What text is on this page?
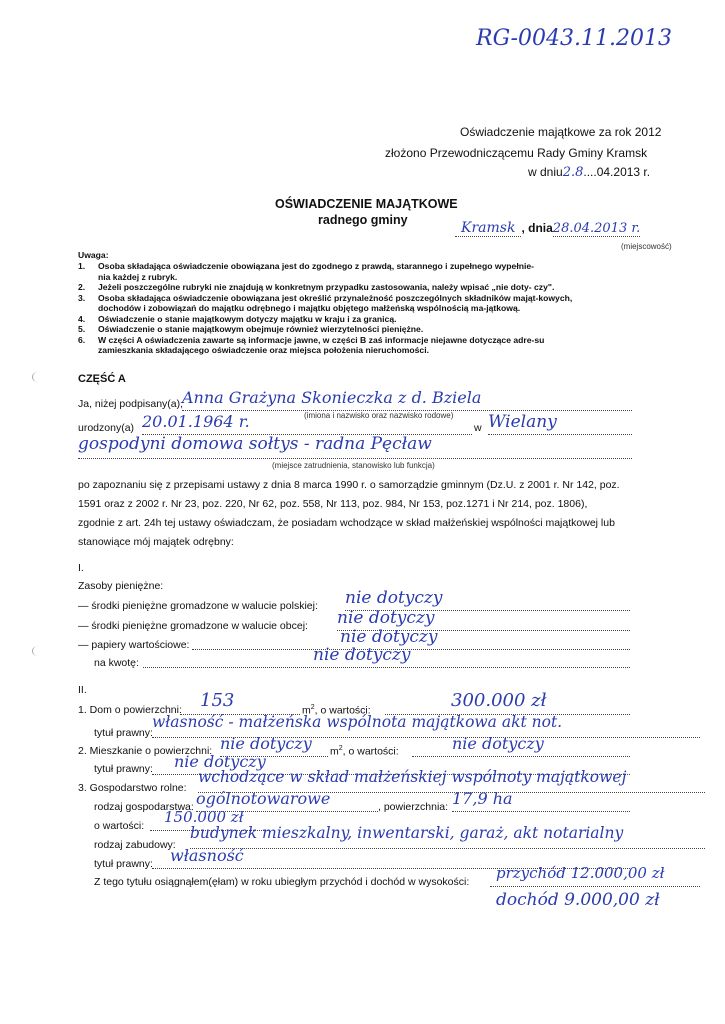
RG-0043.11.2013
Oświadczenie majątkowe za rok 2012
złożono Przewodniczącemu Rady Gminy Kramsk
w dniu2.8....04.2013 r.
OŚWIADCZENIE MAJĄTKOWE
radnego gminy	Kramsk , dnia28.04.2013 r.
(miejscowość)
Uwaga:
1.	Osoba składająca oświadczenie obowiązana jest do zgodnego z prawdą, starannego i zupełnego wypełnie-
nia każdej z rubryk.
2.	Jeżeli poszczególne rubryki nie znajdują w konkretnym przypadku zastosowania, należy wpisać „nie doty- czy".
3.	Osoba składająca oświadczenie obowiązana jest określić przynależność poszczególnych składników mająt-kowych,
dochodów i zobowiązań do majątku odrębnego i majątku objętego małżeńską wspólnością ma-jątkową.
4.	Oświadczenie o stanie majątkowym dotyczy majątku w kraju i za granicą.
5.	Oświadczenie o stanie majątkowym obejmuje również wierzytelności pieniężne.
6.	W części A oświadczenia zawarte są informacje jawne, w części B zaś informacje niejawne dotyczące adre-su
zamieszkania składającego oświadczenie oraz miejsca położenia nieruchomości.
CZĘŚĆ A
Ja, niżej podpisany(a),
Anna Grażyna Skonieczka z d. Bziela
(imiona i nazwisko oraz nazwisko rodowe)
urodzony(a) 20.01.1964 r.	w Wielany
gospodyni domowa sołtys - radna Pęcław
(miejsce zatrudnienia, stanowisko lub funkcja)
po zapoznaniu się z przepisami ustawy z dnia 8 marca 1990 r. o samorządzie gminnym (Dz.U. z 2001 r. Nr 142, poz.
1591 oraz z 2002 r. Nr 23, poz. 220, Nr 62, poz. 558, Nr 113, poz. 984, Nr 153, poz.1271 i Nr 214, poz. 1806),
zgodnie z art. 24h tej ustawy oświadczam, że posiadam wchodzące w skład małżeńskiej wspólności majątkowej lub
stanowiące mój majątek odrębny:
I.
Zasoby pieniężne:
— środki pieniężne gromadzone w walucie polskiej: nie dotyczy
— środki pieniężne gromadzone w walucie obcej: nie dotyczy
— papiery wartościowe:	nie dotyczy
na kwotę:	nie dotyczy
II.
1. Dom o powierzchni:	153	$m^2$, o wartości:	300.000 zł
tytuł prawny:
własność - małżeńska wspólnota majątkowa akt not.
2. Mieszkanie o powierzchni: nie dotyczy	$m^2$, o wartości:	nie dotyczy
tytuł prawny:	nie dotyczy
3. Gospodarstwo rolne:
wchodzące w skład małżeńskiej wspólnoty majątkowej
rodzaj gospodarstwa: ogólnotowarowe	, powierzchnia: 17,9 ha
o wartości:	150.000 zł
rodzaj zabudowy:
budynek mieszkalny, inwentarski, garaż, akt notarialny
tytuł prawny:	własność
Z tego tytułu osiągnąłem(ęłam) w roku ubiegłym przychód i dochód w wysokości:	przychód 12.000,00 zł
dochód 9.000,00 zł
